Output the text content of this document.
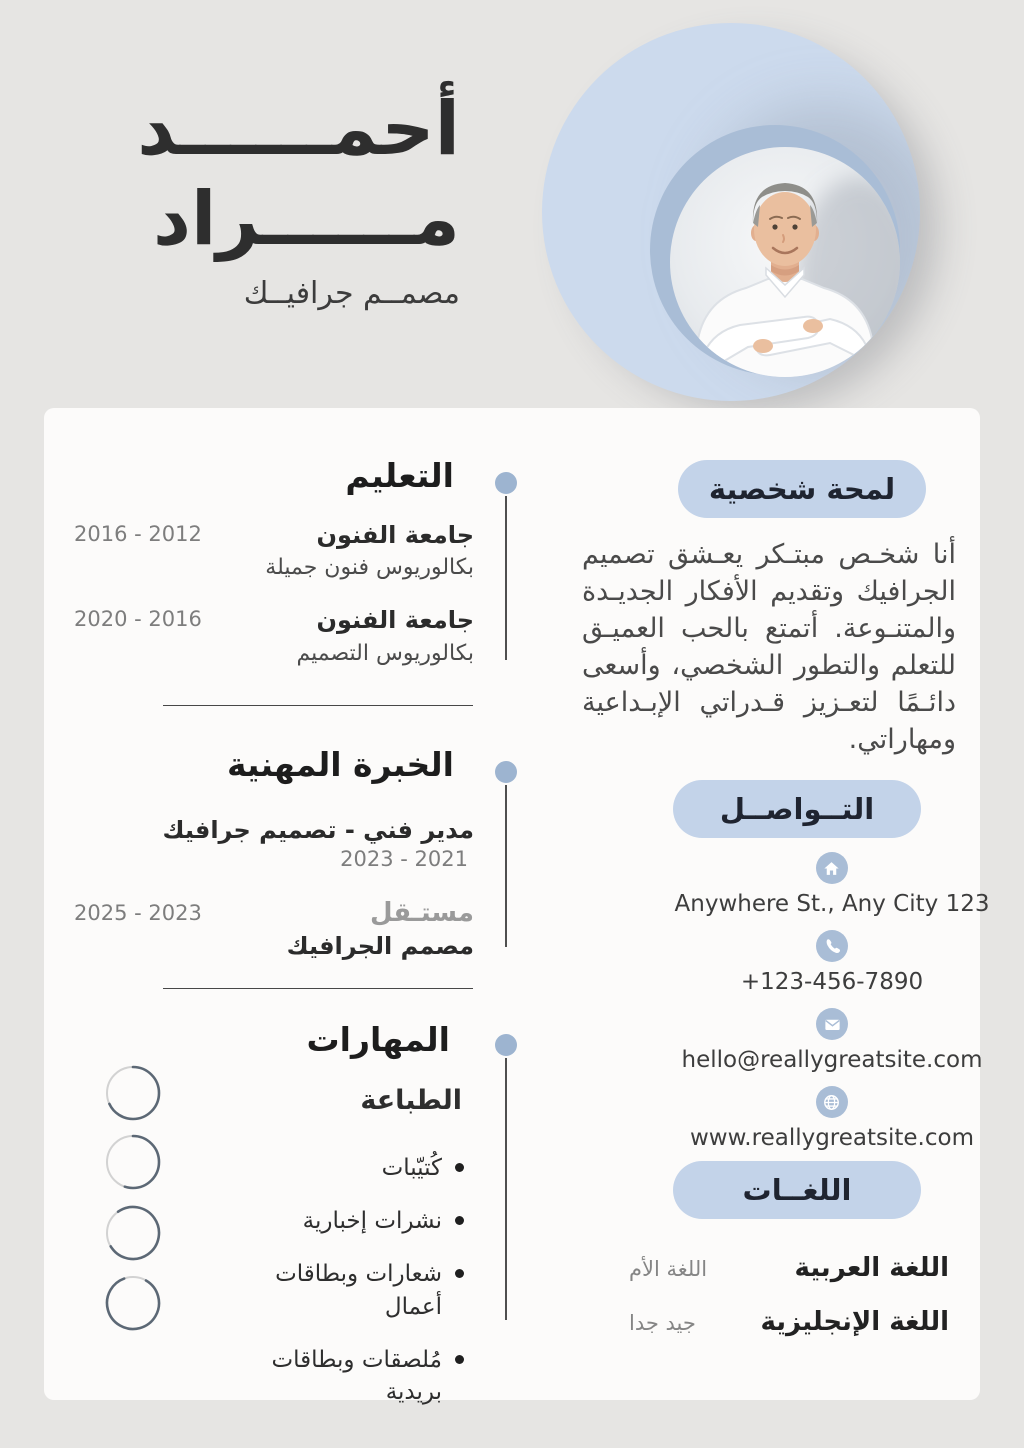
أحمــــــد
مــــــراد
مصمــم جرافيــك
التعليم
جامعة الفنون
بكالوريوس فنون جميلة
2016 - 2012
جامعة الفنون
بكالوريوس التصميم
2020 - 2016
الخبرة المهنية
مدير فني - تصميم جرافيك 2023 - 2021
مستـقل
مصمم الجرافيك
2025 - 2023
المهارات
الطباعة
كُتيّبات
نشرات إخبارية
شعارات وبطاقات أعمال
مُلصقات وبطاقات بريدية
لمحة شخصية

أنا شخـص مبتـكر يعـشق تصميم الجرافيك وتقديم الأفكار الجديـدة والمتنـوعة. أتمتع بالحب العميـق للتعلم والتطور الشخصي، وأسعى دائـمًا لتعـزيز قـدراتي الإبـداعية ومهاراتي.

التــواصــل
Anywhere St., Any City 123
+123-456-7890
hello@reallygreatsite.com
www.reallygreatsite.com
اللغــات
اللغة العربية
اللغة الأم
اللغة الإنجليزية
جيد جدا
